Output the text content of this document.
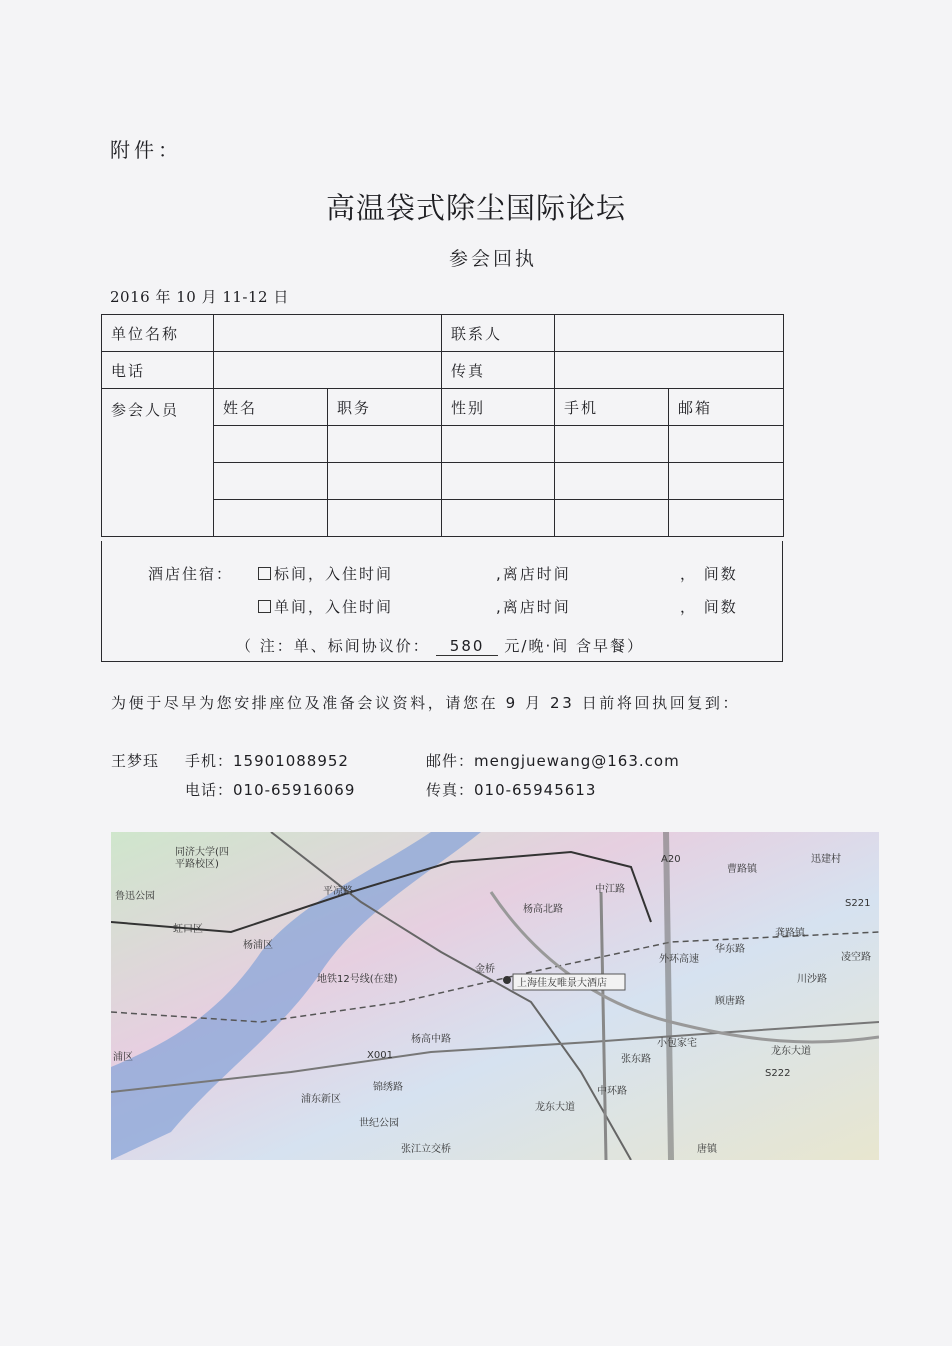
附件：
高温袋式除尘国际论坛
参会回执
2016 年 10 月 11-12 日
单位名称			联系人		
电话			传真		
参会人员	姓名	职务	性别	手机	邮箱

酒店住宿：	标间，入住时间	,离店时间	， 间数
单间，入住时间	,离店时间	， 间数
（ 注：单、标间协议价： 580 元/晚·间 含早餐）
为便于尽早为您安排座位及准备会议资料，请您在 9 月 23 日前将回执回复到：
王梦珏 手机：15901088952	邮件：mengjuewang@163.com
电话：010-65916069	传真：010-65945613
上海佳友唯景大酒店
同济大学(四
平路校区)
鲁迅公园
虹口区
杨浦区
平凉路
地铁12号线(在建)
杨高北路
金桥
中江路
外环高速
曹路镇
迅建村
华东路
龚路镇
川沙路
顾唐路
A20
S221
凌空路
小包家宅
龙东大道
S222
张东路
中环路
X001
杨高中路
锦绣路
浦东新区
世纪公园
张江立交桥
龙东大道
唐镇
浦区
